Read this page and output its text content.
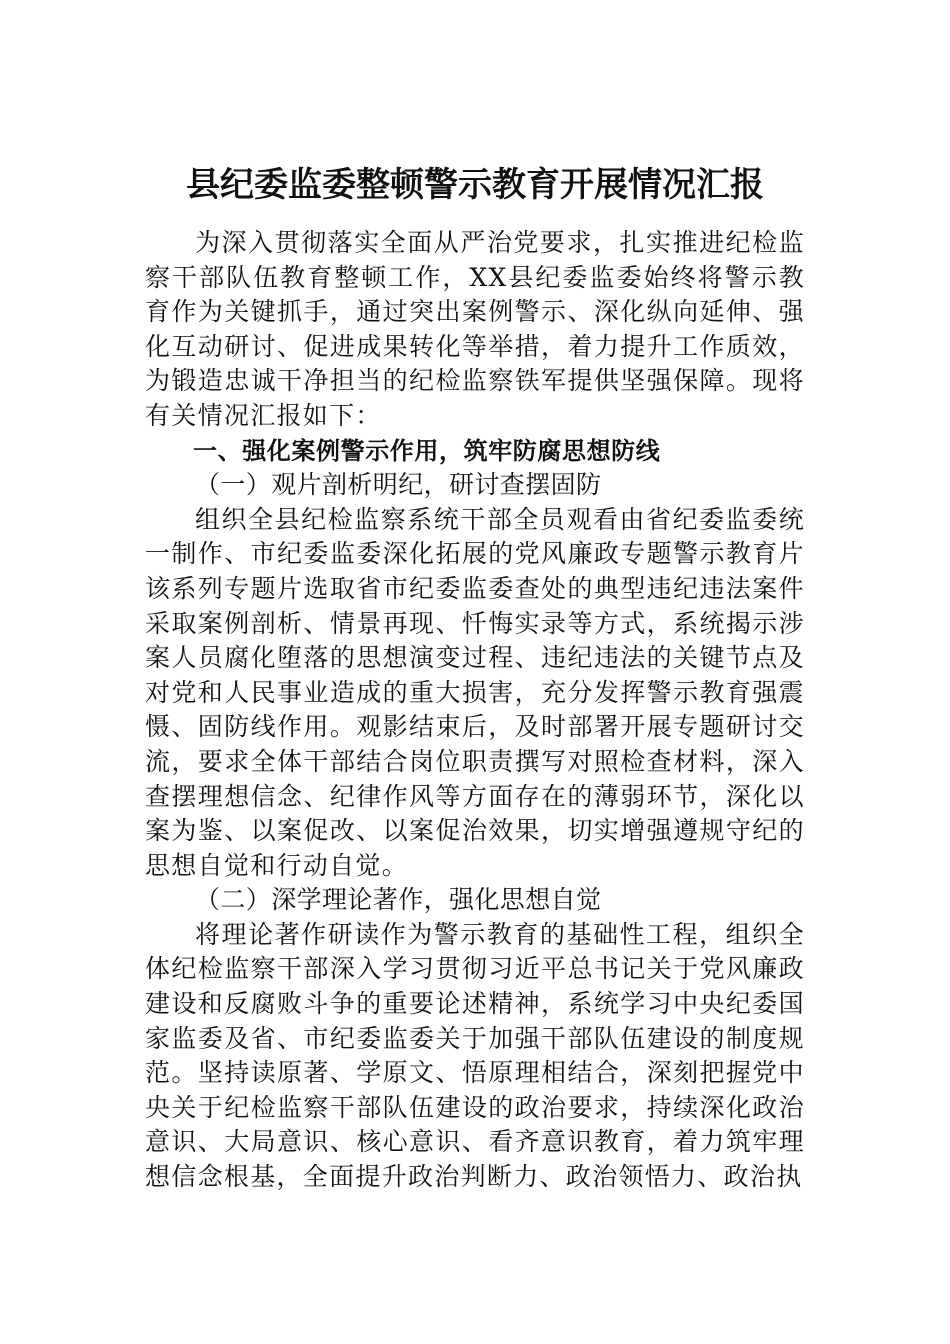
县纪委监委整顿警示教育开展情况汇报

为深入贯彻落实全面从严治党要求，扎实推进纪检监察干部队伍教育整顿工作，XX县纪委监委始终将警示教育作为关键抓手，通过突出案例警示、深化纵向延伸、强化互动研讨、促进成果转化等举措，着力提升工作质效，为锻造忠诚干净担当的纪检监察铁军提供坚强保障。现将有关情况汇报如下：

一、强化案例警示作用，筑牢防腐思想防线

（一）观片剖析明纪，研讨查摆固防

组织全县纪检监察系统干部全员观看由省纪委监委统一制作、市纪委监委深化拓展的党风廉政专题警示教育片该系列专题片选取省市纪委监委查处的典型违纪违法案件采取案例剖析、情景再现、忏悔实录等方式，系统揭示涉案人员腐化堕落的思想演变过程、违纪违法的关键节点及对党和人民事业造成的重大损害，充分发挥警示教育强震慑、固防线作用。观影结束后，及时部署开展专题研讨交流，要求全体干部结合岗位职责撰写对照检查材料，深入查摆理想信念、纪律作风等方面存在的薄弱环节，深化以案为鉴、以案促改、以案促治效果，切实增强遵规守纪的思想自觉和行动自觉。

（二）深学理论著作，强化思想自觉

将理论著作研读作为警示教育的基础性工程，组织全体纪检监察干部深入学习贯彻习近平总书记关于党风廉政建设和反腐败斗争的重要论述精神，系统学习中央纪委国家监委及省、市纪委监委关于加强干部队伍建设的制度规范。坚持读原著、学原文、悟原理相结合，深刻把握党中央关于纪检监察干部队伍建设的政治要求，持续深化政治意识、大局意识、核心意识、看齐意识教育，着力筑牢理想信念根基，全面提升政治判断力、政治领悟力、政治执
